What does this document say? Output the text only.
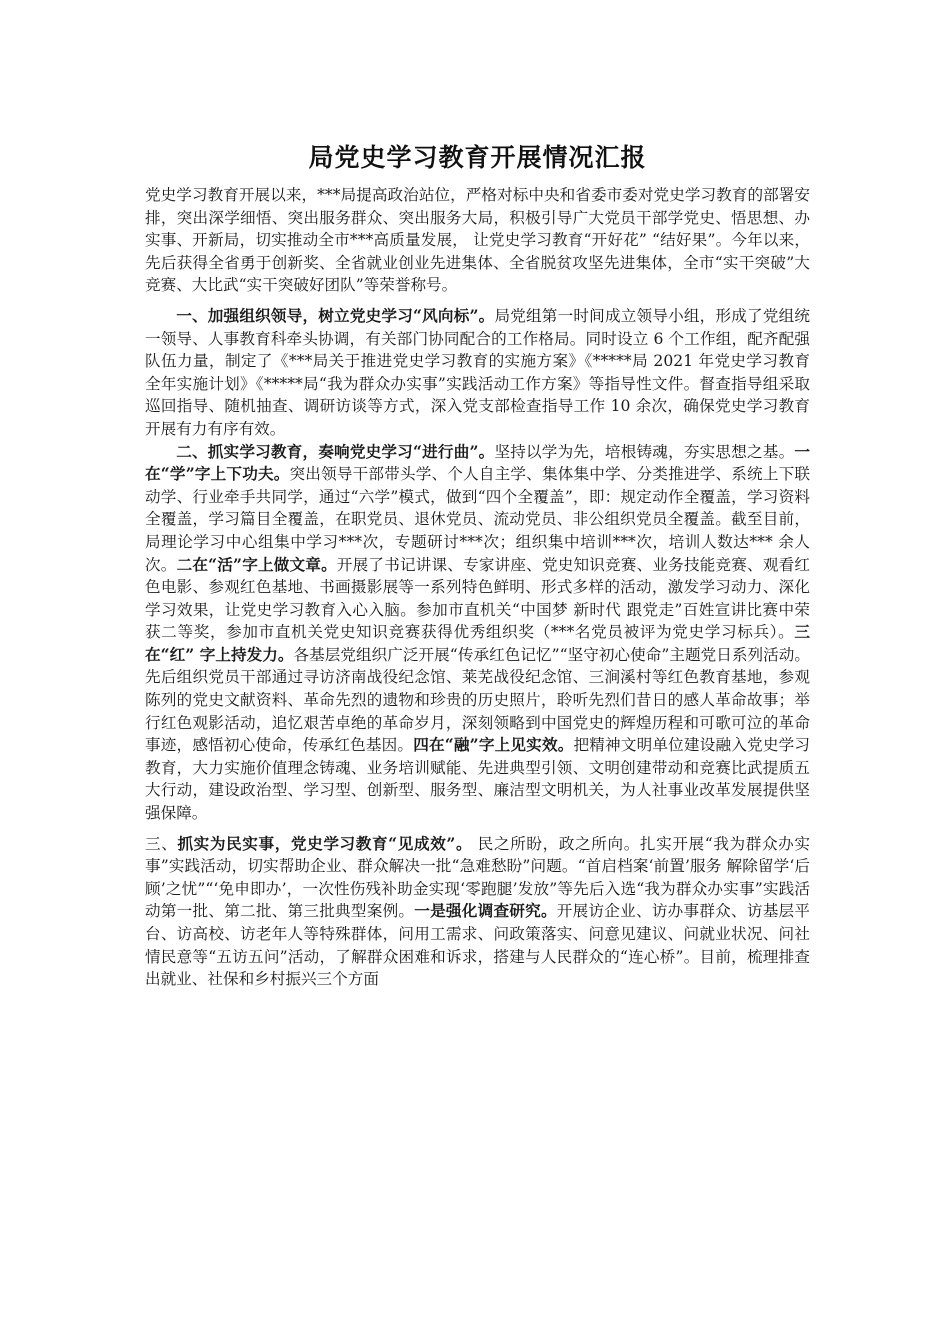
局党史学习教育开展情况汇报

党史学习教育开展以来，***局提高政治站位，严格对标中央和省委市委对党史学习教育的部署安排，突出深学细悟、突出服务群众、突出服务大局，积极引导广大党员干部学党史、悟思想、办实事、开新局，切实推动全市***高质量发展， 让党史学习教育“开好花” “结好果”。今年以来，先后获得全省勇于创新奖、全省就业创业先进集体、全省脱贫攻坚先进集体，全市“实干突破”大竞赛、大比武“实干突破好团队”等荣誉称号。

一、加强组织领导，树立党史学习“风向标”。局党组第一时间成立领导小组，形成了党组统一领导、人事教育科牵头协调，有关部门协同配合的工作格局。同时设立 6 个工作组，配齐配强队伍力量，制定了《***局关于推进党史学习教育的实施方案》《*****局 2021 年党史学习教育全年实施计划》《*****局“我为群众办实事”实践活动工作方案》等指导性文件。督查指导组采取巡回指导、随机抽查、调研访谈等方式，深入党支部检查指导工作 10 余次，确保党史学习教育开展有力有序有效。

二、抓实学习教育，奏响党史学习“进行曲”。坚持以学为先，培根铸魂，夯实思想之基。一在“学”字上下功夫。突出领导干部带头学、个人自主学、集体集中学、分类推进学、系统上下联动学、行业牵手共同学，通过“六学”模式，做到“四个全覆盖”，即：规定动作全覆盖，学习资料全覆盖，学习篇目全覆盖，在职党员、退休党员、流动党员、非公组织党员全覆盖。截至目前，局理论学习中心组集中学习***次，专题研讨***次；组织集中培训***次，培训人数达*** 余人次。二在“活”字上做文章。开展了书记讲课、专家讲座、党史知识竞赛、业务技能竞赛、观看红色电影、参观红色基地、书画摄影展等一系列特色鲜明、形式多样的活动，激发学习动力、深化学习效果，让党史学习教育入心入脑。参加市直机关“中国梦 新时代 跟党走”百姓宣讲比赛中荣获二等奖，参加市直机关党史知识竞赛获得优秀组织奖（***名党员被评为党史学习标兵）。三在“红” 字上持发力。各基层党组织广泛开展“传承红色记忆”“坚守初心使命”主题党日系列活动。先后组织党员干部通过寻访济南战役纪念馆、莱芜战役纪念馆、三涧溪村等红色教育基地，参观陈列的党史文献资料、革命先烈的遗物和珍贵的历史照片，聆听先烈们昔日的感人革命故事；举行红色观影活动，追忆艰苦卓绝的革命岁月，深刻领略到中国党史的辉煌历程和可歌可泣的革命事迹，感悟初心使命，传承红色基因。四在“融”字上见实效。把精神文明单位建设融入党史学习教育，大力实施价值理念铸魂、业务培训赋能、先进典型引领、文明创建带动和竞赛比武提质五大行动，建设政治型、学习型、创新型、服务型、廉洁型文明机关，为人社事业改革发展提供坚强保障。

三、抓实为民实事，党史学习教育“见成效”。 民之所盼，政之所向。扎实开展“我为群众办实事”实践活动，切实帮助企业、群众解决一批“急难愁盼”问题。“首启档案‘前置’服务 解除留学‘后顾’之忧”“‘免申即办’，一次性伤残补助金实现‘零跑腿’发放”等先后入选“我为群众办实事”实践活动第一批、第二批、第三批典型案例。一是强化调查研究。开展访企业、访办事群众、访基层平台、访高校、访老年人等特殊群体，问用工需求、问政策落实、问意见建议、问就业状况、问社情民意等“五访五问”活动，了解群众困难和诉求，搭建与人民群众的“连心桥”。目前，梳理排查出就业、社保和乡村振兴三个方面
